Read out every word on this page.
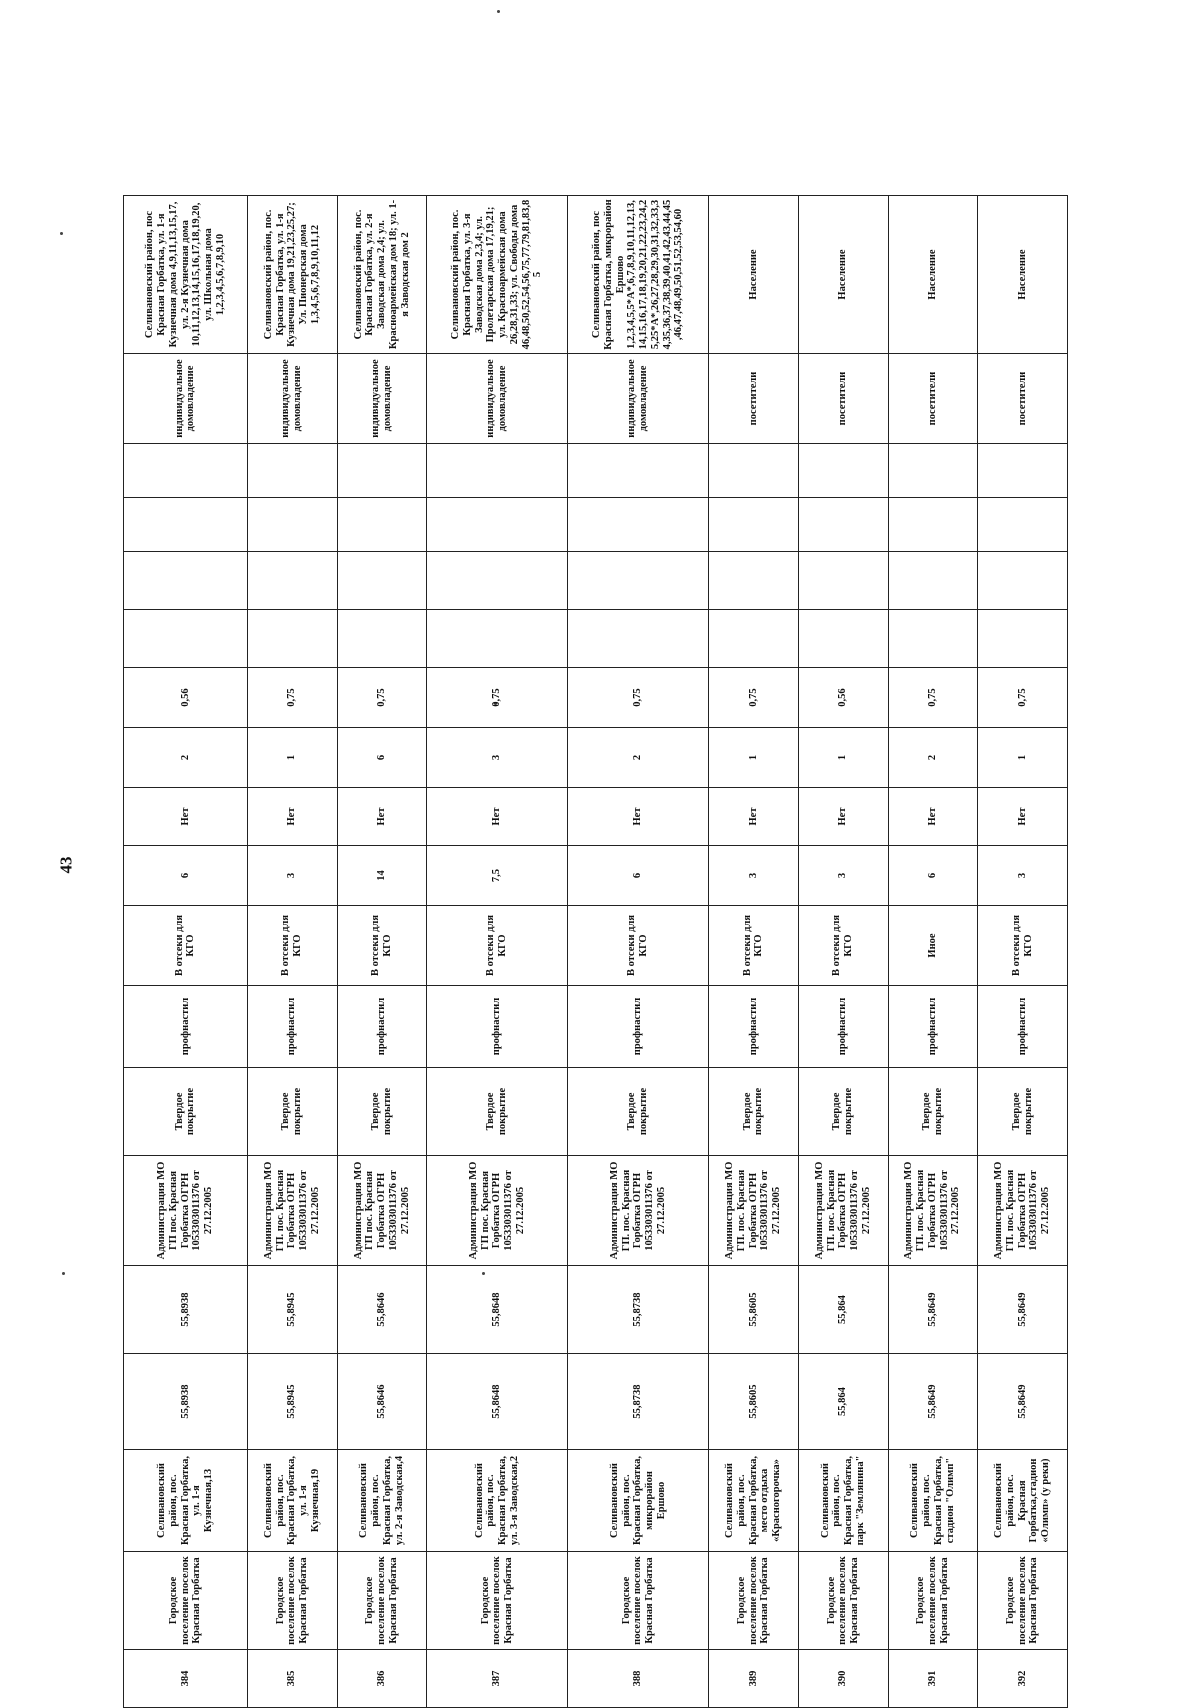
43
384	Городское поселение поселок Красная Горбатка	Селивановский район, пос. Красная Горбатка, ул. 1-я Кузнечная,13	55,8938	55,8938	Администрация МО ГП пос. Красная Горбатка ОГРН 1053303011376 от 27.12.2005	Твердое покрытие	профнастил	В отсеки для КГО	6	Нет	2	0,56					индивидуальное домовладение	Селивановский район, пос Красная Горбатка, ул. 1-я Кузнечная дома 4,9,11,13,15,17, ул. 2-я Кузнечная дома 10,11,12,13,14,15,16,17,18,19,20, ул. Школьная дома 1,2,3,4,5,6,7,8,9,10
385	Городское поселение поселок Красная Горбатка	Селивановский район, пос. Красная Горбатка, ул. 1-я Кузнечная,19	55,8945	55,8945	Администрация МО ГП. пос. Красная Горбатка ОГРН 1053303011376 от 27.12.2005	Твердое покрытие	профнастил	В отсеки для КГО	3	Нет	1	0,75					индивидуальное домовладение	Селивановский район, пос. Красная Горбатка, ул. 1-я Кузнечная дома 19,21,23,25,27; Ул. Пионерская дома 1,3,4,5,6,7,8,9,10,11,12
386	Городское поселение поселок Красная Горбатка	Селивановский район, пос. Красная Горбатка, ул. 2-я Заводская,4	55,8646	55,8646	Администрация МО ГП пос. Красная Горбатка ОГРН 1053303011376 от 27.12.2005	Твердое покрытие	профнастил	В отсеки для КГО	14	Нет	6	0,75					индивидуальное домовладение	Селивановский район, пос. Красная Горбатка, ул. 2-я Заводская дома 2,4; ул. Красноармейская дом 18; ул. 1-я Заводская дом 2
387	Городское поселение поселок Красная Горбатка	Селивановский район, пос. Красная Горбатка, ул. 3-я Заводская,2	55,8648	55,8648	Администрация МО ГП пос. Красная Горбатка ОГРН 1053303011376 от 27.12.2005	Твердое покрытие	профнастил	В отсеки для КГО	7,5	Нет	3	0,75					индивидуальное домовладение	Селивановский район, пос. Красная Горбатка, ул. 3-я Заводская дома 2,3,4; ул. Пролетарская дома 17,19,21; ул. Красноармейская дома 26,28,31,33; ул. Свободы дома 46,48,50,52,54,56,75,77,79,81,83,85
388	Городское поселение поселок Красная Горбатка	Селивановский район, пос. Красная Горбатка, микрорайон Ершово	55,8738	55,8738	Администрация МО ГП. пос. Красная Горбатка ОГРН 1053303011376 от 27.12.2005	Твердое покрытие	профнастил	В отсеки для КГО	6	Нет	2	0,75					индивидуальное домовладение	Селивановский район, пос Красная Горбатка, микрорайон Ершово 1,2,3,4,5,5*А*,6,7,8,9,10,11,12,13,14,15,16,17,18,19,20,21,22,23,24,25,25*А*,26,27,28,29,30,31,32,33,34,35,36,37,38,39,40,41,42,43,44,45,46,47,48,49,50,51,52,53,54,60
389	Городское поселение поселок Красная Горбатка	Селивановский район, пос. Красная Горбатка, место отдыха «Красногорочка»	55,8605	55,8605	Администрация МО ГП. пос. Красная Горбатка ОГРН 1053303011376 от 27.12.2005	Твердое покрытие	профнастил	В отсеки для КГО	3	Нет	1	0,75					посетители	Население
390	Городское поселение поселок Красная Горбатка	Селивановский район, пос. Красная Горбатка, парк "Землянина"	55,864	55,864	Администрация МО ГП. пос. Красная Горбатка ОГРН 1053303011376 от 27.12.2005	Твердое покрытие	профнастил	В отсеки для КГО	3	Нет	1	0,56					посетители	Население
391	Городское поселение поселок Красная Горбатка	Селивановский район, пос. Красная Горбатка, стадион "Олимп"	55,8649	55,8649	Администрация МО ГП. пос. Красная Горбатка ОГРН 1053303011376 от 27.12.2005	Твердое покрытие	профнастил	Иное	6	Нет	2	0,75					посетители	Население
392	Городское поселение поселок Красная Горбатка	Селивановский район, пос. Красная Горбатка,стадион «Олимп» (у реки)	55,8649	55,8649	Администрация МО ГП. пос. Красная Горбатка ОГРН 1053303011376 от 27.12.2005	Твердое покрытие	профнастил	В отсеки для КГО	3	Нет	1	0,75					посетители	Население
